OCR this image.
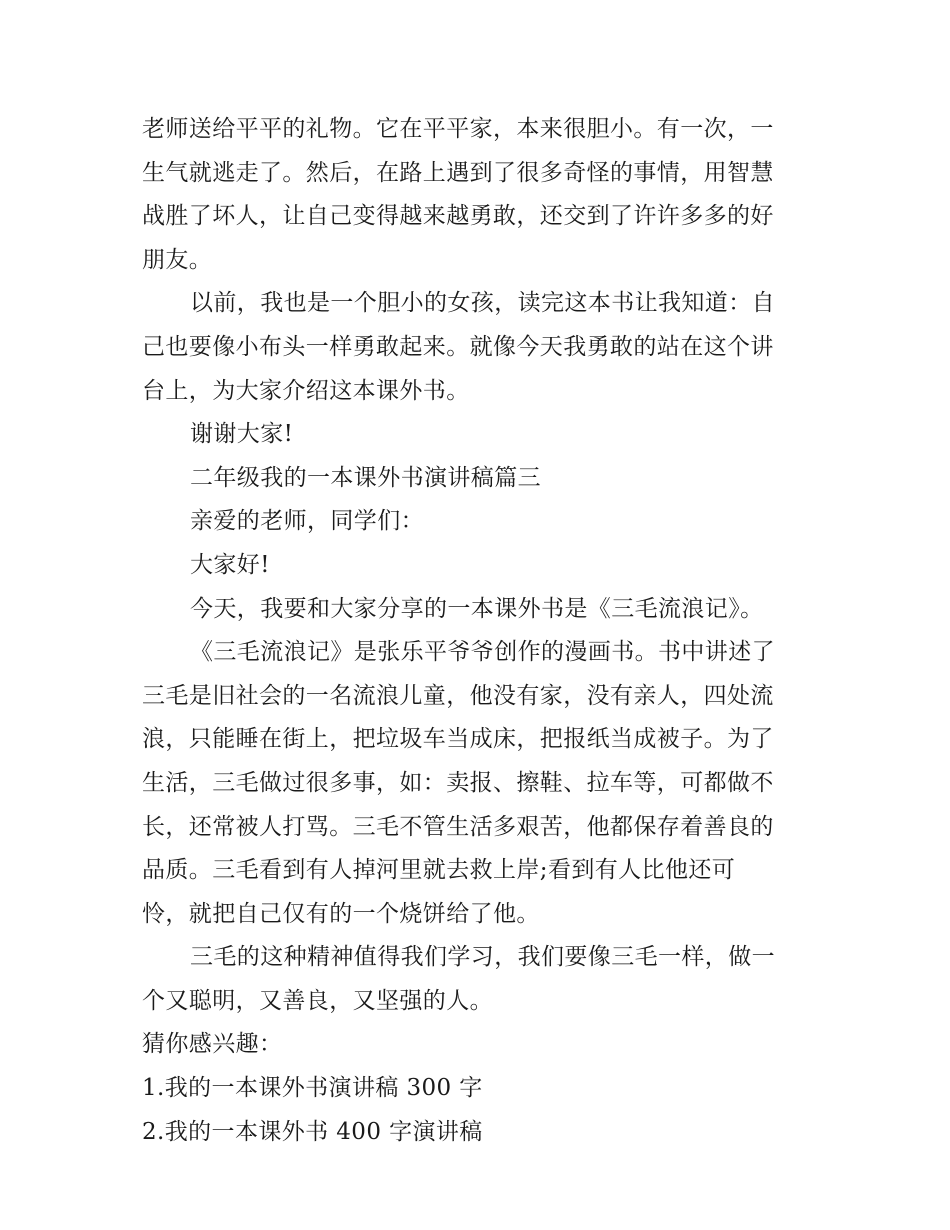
老师送给平平的礼物。它在平平家，本来很胆小。有一次，一
生气就逃走了。然后，在路上遇到了很多奇怪的事情，用智慧
战胜了坏人，让自己变得越来越勇敢，还交到了许许多多的好
朋友。
以前，我也是一个胆小的女孩，读完这本书让我知道：自
己也要像小布头一样勇敢起来。就像今天我勇敢的站在这个讲
台上，为大家介绍这本课外书。
谢谢大家!
二年级我的一本课外书演讲稿篇三
亲爱的老师，同学们：
大家好!
今天，我要和大家分享的一本课外书是《三毛流浪记》。
《三毛流浪记》是张乐平爷爷创作的漫画书。书中讲述了
三毛是旧社会的一名流浪儿童，他没有家，没有亲人，四处流
浪，只能睡在街上，把垃圾车当成床，把报纸当成被子。为了
生活，三毛做过很多事，如：卖报、擦鞋、拉车等，可都做不
长，还常被人打骂。三毛不管生活多艰苦，他都保存着善良的
品质。三毛看到有人掉河里就去救上岸;看到有人比他还可
怜，就把自己仅有的一个烧饼给了他。
三毛的这种精神值得我们学习，我们要像三毛一样，做一
个又聪明，又善良，又坚强的人。
猜你感兴趣：
1.我的一本课外书演讲稿 300 字
2.我的一本课外书 400 字演讲稿
